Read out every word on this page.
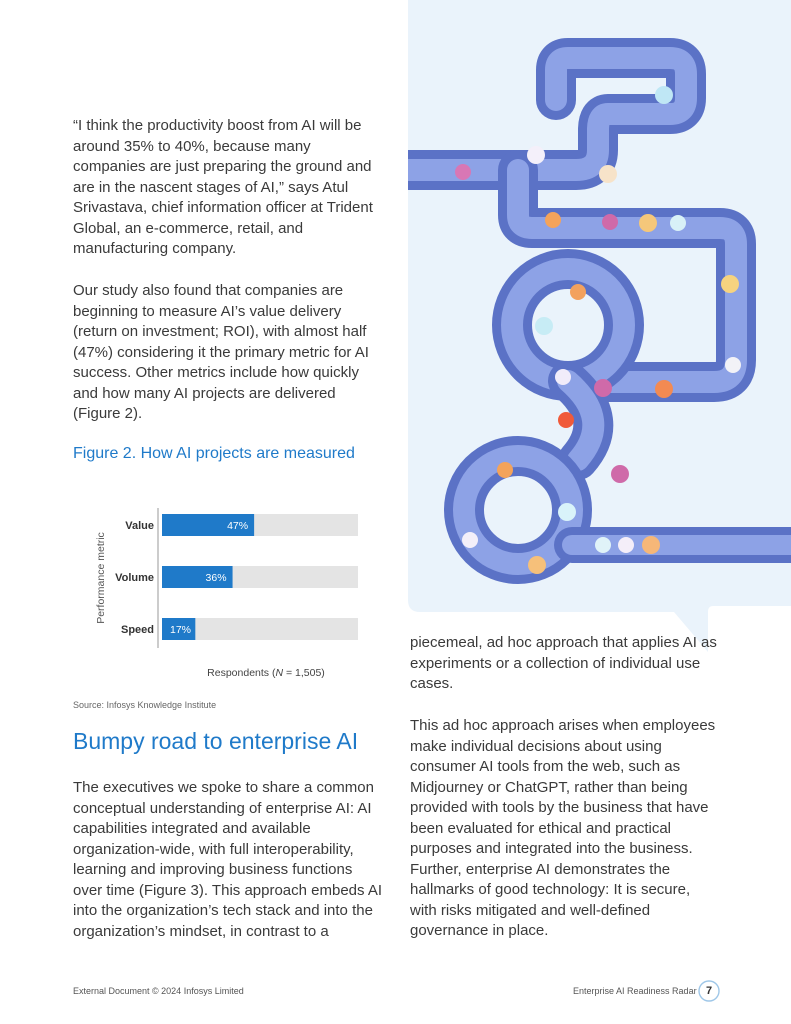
“I think the productivity boost from AI will be around 35% to 40%, because many companies are just preparing the ground and are in the nascent stages of AI,” says Atul Srivastava, chief information officer at Trident Global, an e-commerce, retail, and manufacturing company.

Our study also found that companies are beginning to measure AI’s value delivery (return on investment; ROI), with almost half (47%) considering it the primary metric for AI success. Other metrics include how quickly and how many AI projects are delivered (Figure 2).

Figure 2. How AI projects are measured

Performance metric
Value	47%
Volume	36%
Speed 17%
Respondents (N = 1,505)
Source: Infosys Knowledge Institute
Bumpy road to enterprise AI

The executives we spoke to share a common conceptual understanding of enterprise AI: AI capabilities integrated and available organization-wide, with full interoperability, learning and improving business functions over time (Figure 3). This approach embeds AI into the organization’s tech stack and into the organization’s mindset, in contrast to a

piecemeal, ad hoc approach that applies AI as experiments or a collection of individual use cases.

This ad hoc approach arises when employees make individual decisions about using consumer AI tools from the web, such as Midjourney or ChatGPT, rather than being provided with tools by the business that have been evaluated for ethical and practical purposes and integrated into the business. Further, enterprise AI demonstrates the hallmarks of good technology: It is secure, with risks mitigated and well-defined governance in place.

External Document © 2024 Infosys Limited	Enterprise AI Readiness Radar 7
